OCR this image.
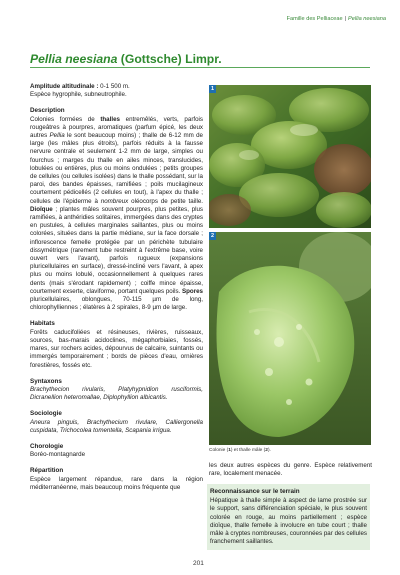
Famille des Pelliaceae | Pellia neesiana
Pellia neesiana (Gottsche) Limpr.

Amplitude altitudinale : 0-1 500 m.

Espèce hygrophile, subneutrophile.

Description

Colonies formées de thalles entremêlés, verts, parfois rougeâtres à pourpres, aromatiques (parfum épicé, les deux autres Pellia le sont beaucoup moins) ; thalle de 6-12 mm de large (les mâles plus étroits), parfois réduits à la fausse nervure centrale et seulement 1-2 mm de large, simples ou fourchus ; marges du thalle en ailes minces, translucides, lobulées ou entières, plus ou moins ondulées ; petits groupes de cellules (ou cellules isolées) dans le thalle possédant, sur la paroi, des bandes épaisses, ramifiées ; poils mucilagineux courtement pédicellés (2 cellules en tout), à l'apex du thalle ; cellules de l'épiderme à nombreux oléocorps de petite taille. Dioïque ; plantes mâles souvent pourpres, plus petites, plus ramifiées, à anthéridies solitaires, immergées dans des cryptes en pustules, à cellules marginales saillantes, plus ou moins colorées, situées dans la partie médiane, sur la face dorsale ; inflorescence femelle protégée par un périchète tubulaire dissymétrique (rarement tube restreint à l'extrême base, voire ouvert vers l'avant), parfois rugueux (expansions pluricellulaires en surface), dressé-incliné vers l'avant, à apex plus ou moins lobulé, occasionnellement à quelques rares dents (mais s'érodant rapidement) ; coiffe mince épaisse, courtement exserte, claviforme, portant quelques poils. Spores pluricellulaires, oblongues, 70-115 µm de long, chlorophylliennes ; élatères à 2 spirales, 8-9 µm de large.

Habitats

Forêts caducifoliées et résineuses, rivières, ruisseaux, sources, bas-marais acidoclines, mégaphorbiaies, fossés, mares, sur rochers acides, dépourvus de calcaire, suintants ou immergés temporairement ; bords de pièces d'eau, ornières forestières, fossés etc.

Syntaxons

Brachythecion rivularis, Platyhypnidion rusciformis, Dicranellion heteromallae, Diplophyllion albicantis.

Sociologie

Aneura pinguis, Brachythecium rivulare, Calliergonella cuspidata, Trichocolea tomentella, Scapania irrigua.

Chorologie

Boréo-montagnarde

Répartition

Espèce largement répandue, rare dans la région méditerranéenne, mais beaucoup moins fréquente que

1
2
Colonie (1) et thalle mâle (2).

les deux autres espèces du genre. Espèce relativement rare, localement menacée.

Reconnaissance sur le terrain

Hépatique à thalle simple à aspect de lame prostrée sur le support, sans différenciation spéciale, le plus souvent colorée en rouge, au moins partiellement ; espèce dioïque, thalle femelle à involucre en tube court ; thalle mâle à cryptes nombreuses, couronnées par des cellules franchement saillantes.

201
